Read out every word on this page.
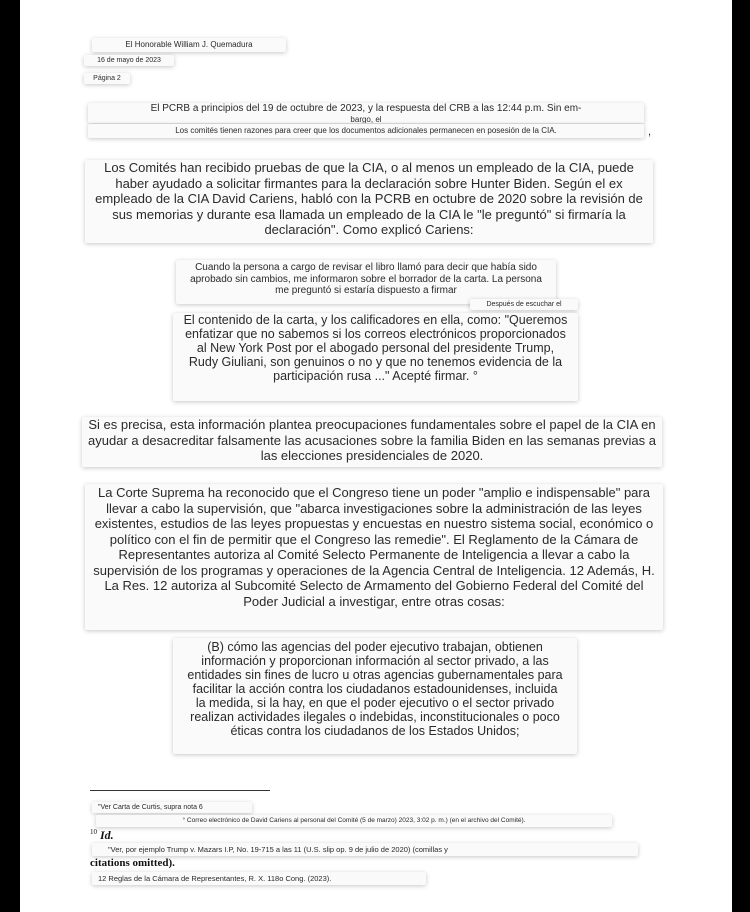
El Honorable William J. Quemadura
16 de mayo de 2023
Página 2
El PCRB a principios del 19 de octubre de 2023, y la respuesta del CRB a las 12:44 p.m. Sin em-
bargo, el
Los comités tienen razones para creer que los documentos adicionales permanecen en posesión de la CIA.	,
Los Comités han recibido pruebas de que la CIA, o al menos un empleado de la CIA, puede haber ayudado a solicitar firmantes para la declaración sobre Hunter Biden. Según el ex empleado de la CIA David Cariens, habló con la PCRB en octubre de 2020 sobre la revisión de sus memorias y durante esa llamada un empleado de la CIA le "le preguntó" si firmaría la declaración". Como explicó Cariens:
Cuando la persona a cargo de revisar el libro llamó para decir que había sido aprobado sin cambios, me informaron sobre el borrador de la carta. La persona me preguntó si estaría dispuesto a firmar
Después de escuchar el
El contenido de la carta, y los calificadores en ella, como: "Queremos enfatizar que no sabemos si los correos electrónicos proporcionados al New York Post por el abogado personal del presidente Trump, Rudy Giuliani, son genuinos o no y que no tenemos evidencia de la participación rusa ..." Acepté firmar. °
Si es precisa, esta información plantea preocupaciones fundamentales sobre el papel de la CIA en ayudar a desacreditar falsamente las acusaciones sobre la familia Biden en las semanas previas a las elecciones presidenciales de 2020.
La Corte Suprema ha reconocido que el Congreso tiene un poder "amplio e indispensable" para llevar a cabo la supervisión, que "abarca investigaciones sobre la administración de las leyes existentes, estudios de las leyes propuestas y encuestas en nuestro sistema social, económico o político con el fin de permitir que el Congreso las remedie". El Reglamento de la Cámara de Representantes autoriza al Comité Selecto Permanente de Inteligencia a llevar a cabo la supervisión de los programas y operaciones de la Agencia Central de Inteligencia. 12 Además, H. La Res. 12 autoriza al Subcomité Selecto de Armamento del Gobierno Federal del Comité del Poder Judicial a investigar, entre otras cosas:
(B) cómo las agencias del poder ejecutivo trabajan, obtienen información y proporcionan información al sector privado, a las entidades sin fines de lucro u otras agencias gubernamentales para facilitar la acción contra los ciudadanos estadounidenses, incluida la medida, si la hay, en que el poder ejecutivo o el sector privado realizan actividades ilegales o indebidas, inconstitucionales o poco éticas contra los ciudadanos de los Estados Unidos;
"Ver Carta de Curtis, supra nota 6
° Correo electrónico de David Cariens al personal del Comité (5 de marzo) 2023, 3:02 p. m.) (en el archivo del Comité).
$^{10}$ Id.
"Ver, por ejemplo Trump v. Mazars I.P, No. 19-715 a las 11 (U.S. slip op. 9 de julio de 2020) (comillas y
citations omitted).
12 Reglas de la Cámara de Representantes, R. X. 118o Cong. (2023).
